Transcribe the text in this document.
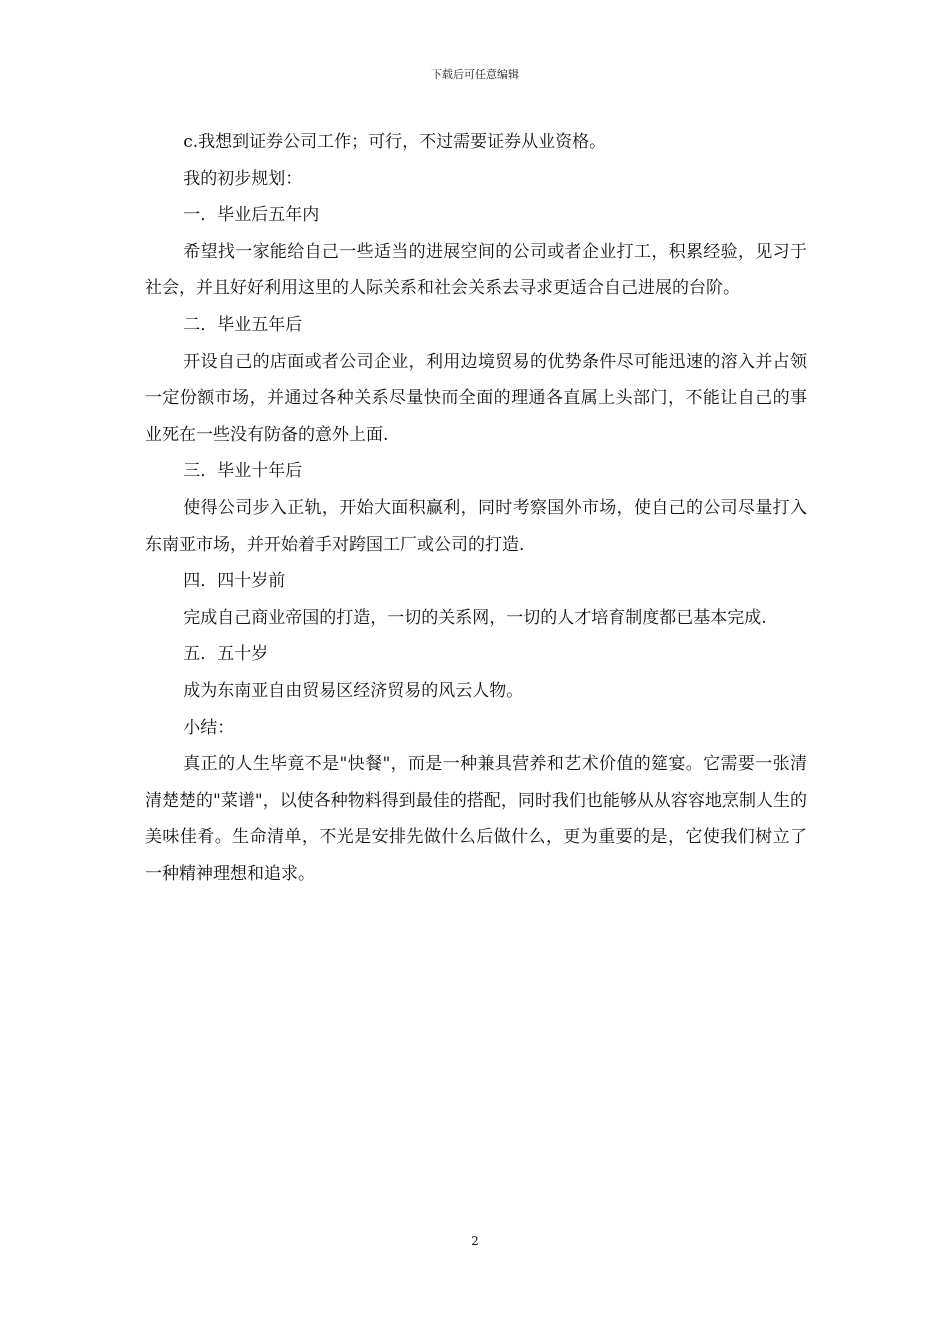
下载后可任意编辑

c.我想到证券公司工作；可行，不过需要证券从业资格。

我的初步规划：

一．毕业后五年内

希望找一家能给自己一些适当的进展空间的公司或者企业打工，积累经验，见习于社会，并且好好利用这里的人际关系和社会关系去寻求更适合自己进展的台阶。

二．毕业五年后

开设自己的店面或者公司企业，利用边境贸易的优势条件尽可能迅速的溶入并占领一定份额市场，并通过各种关系尽量快而全面的理通各直属上头部门，不能让自己的事业死在一些没有防备的意外上面.

三．毕业十年后

使得公司步入正轨，开始大面积赢利，同时考察国外市场，使自己的公司尽量打入东南亚市场，并开始着手对跨国工厂或公司的打造.

四．四十岁前

完成自己商业帝国的打造，一切的关系网，一切的人才培育制度都已基本完成.

五．五十岁

成为东南亚自由贸易区经济贸易的风云人物。

小结：

真正的人生毕竟不是"快餐"，而是一种兼具营养和艺术价值的筵宴。它需要一张清清楚楚的"菜谱"，以使各种物料得到最佳的搭配，同时我们也能够从从容容地烹制人生的美味佳肴。生命清单，不光是安排先做什么后做什么，更为重要的是，它使我们树立了一种精神理想和追求。

2
